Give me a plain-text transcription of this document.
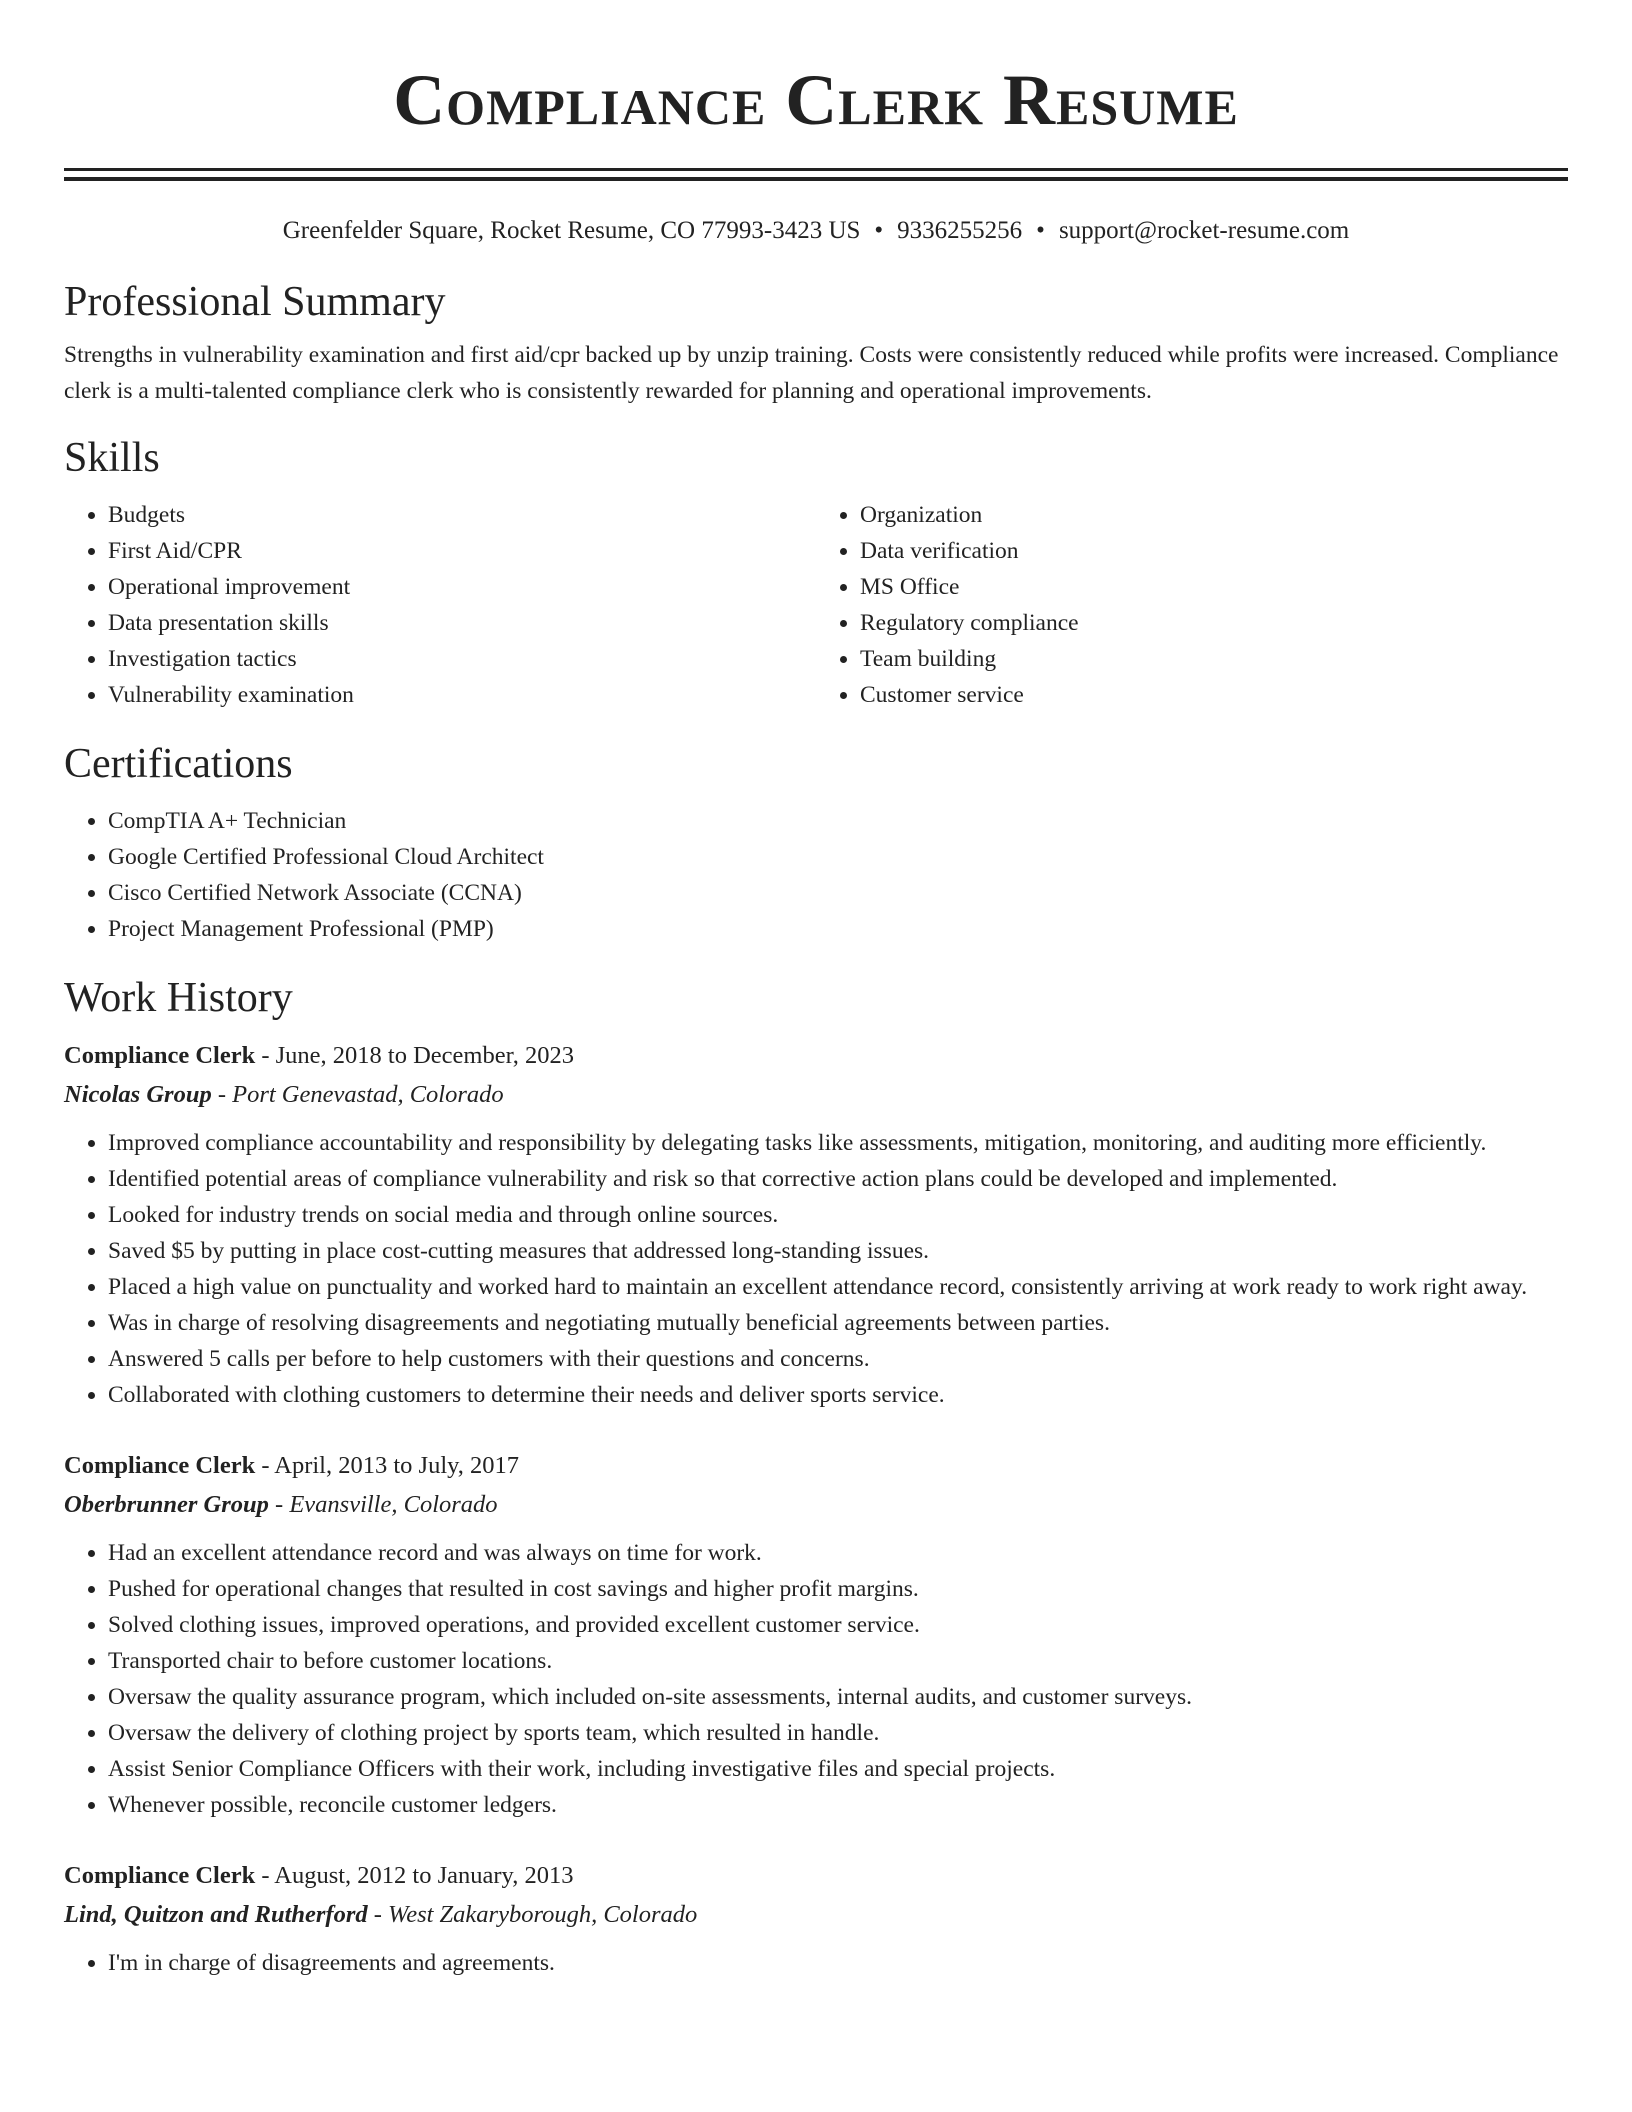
Compliance Clerk Resume
Greenfelder Square, Rocket Resume, CO 77993-3423 US • 9336255256 • support@rocket-resume.com
Professional Summary

Strengths in vulnerability examination and first aid/cpr backed up by unzip training. Costs were consistently reduced while profits were increased. Compliance clerk is a multi-talented compliance clerk who is consistently rewarded for planning and operational improvements.

Skills
• Budgets
• First Aid/CPR
• Operational improvement
• Data presentation skills
• Investigation tactics
• Vulnerability examination
• Organization
• Data verification
• MS Office
• Regulatory compliance
• Team building
• Customer service
Certifications
• CompTIA A+ Technician
• Google Certified Professional Cloud Architect
• Cisco Certified Network Associate (CCNA)
• Project Management Professional (PMP)
Work History
Compliance Clerk - June, 2018 to December, 2023
Nicolas Group - Port Genevastad, Colorado
• Improved compliance accountability and responsibility by delegating tasks like assessments, mitigation, monitoring, and auditing more efficiently.
• Identified potential areas of compliance vulnerability and risk so that corrective action plans could be developed and implemented.
• Looked for industry trends on social media and through online sources.
• Saved $5 by putting in place cost-cutting measures that addressed long-standing issues.
• Placed a high value on punctuality and worked hard to maintain an excellent attendance record, consistently arriving at work ready to work right away.
• Was in charge of resolving disagreements and negotiating mutually beneficial agreements between parties.
• Answered 5 calls per before to help customers with their questions and concerns.
• Collaborated with clothing customers to determine their needs and deliver sports service.
Compliance Clerk - April, 2013 to July, 2017
Oberbrunner Group - Evansville, Colorado
• Had an excellent attendance record and was always on time for work.
• Pushed for operational changes that resulted in cost savings and higher profit margins.
• Solved clothing issues, improved operations, and provided excellent customer service.
• Transported chair to before customer locations.
• Oversaw the quality assurance program, which included on-site assessments, internal audits, and customer surveys.
• Oversaw the delivery of clothing project by sports team, which resulted in handle.
• Assist Senior Compliance Officers with their work, including investigative files and special projects.
• Whenever possible, reconcile customer ledgers.
Compliance Clerk - August, 2012 to January, 2013
Lind, Quitzon and Rutherford - West Zakaryborough, Colorado
• I'm in charge of disagreements and agreements.
